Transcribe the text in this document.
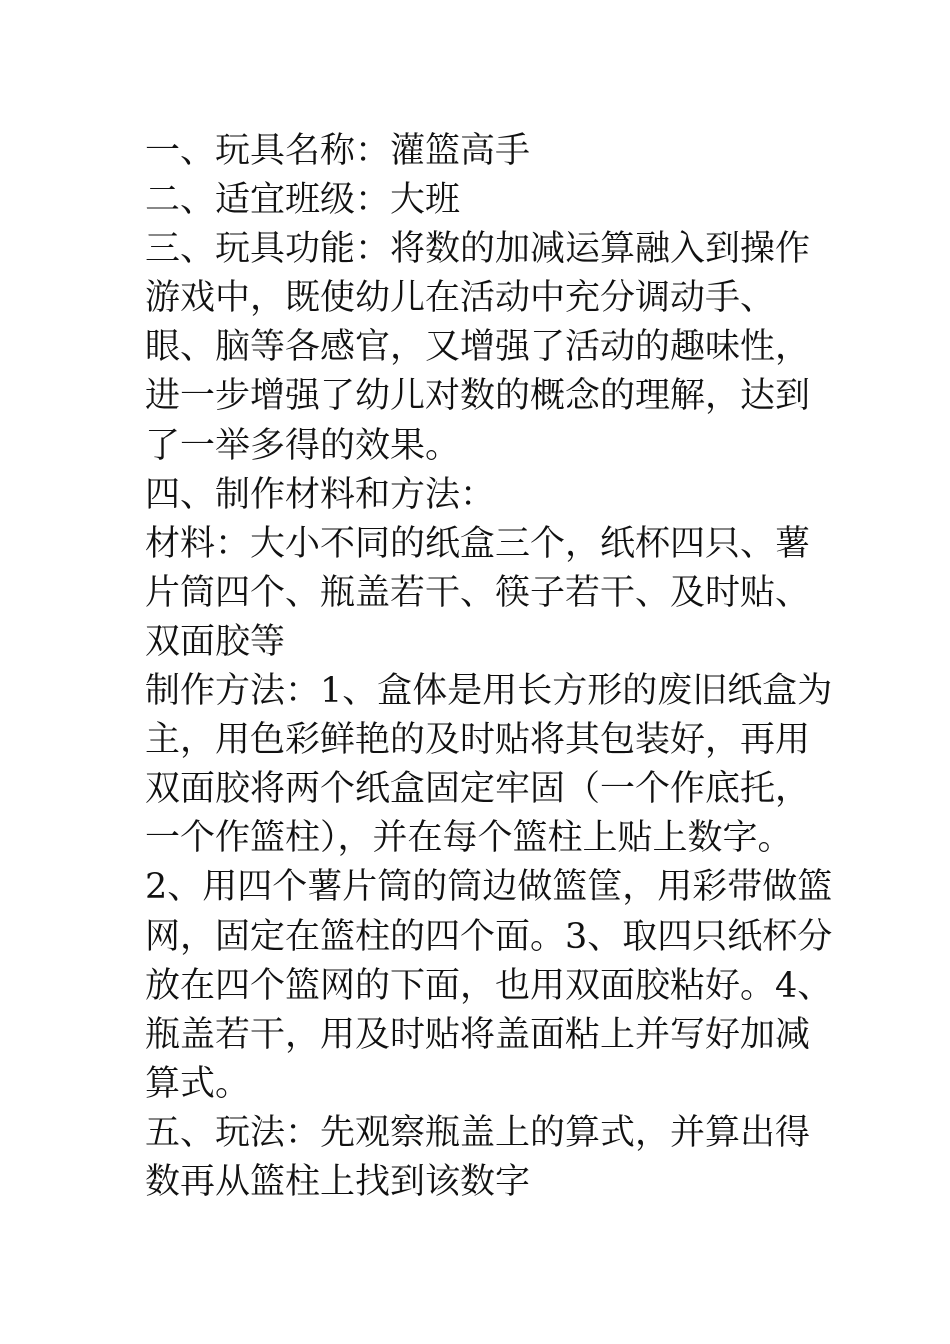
一、玩具名称：灌篮高手

二、适宜班级：大班

三、玩具功能：将数的加减运算融入到操作游戏中，既使幼儿在活动中充分调动手、眼、脑等各感官，又增强了活动的趣味性，进一步增强了幼儿对数的概念的理解，达到了一举多得的效果。

四、制作材料和方法：

材料：大小不同的纸盒三个，纸杯四只、薯片筒四个、瓶盖若干、筷子若干、及时贴、双面胶等

制作方法：1、盒体是用长方形的废旧纸盒为主，用色彩鲜艳的及时贴将其包装好，再用双面胶将两个纸盒固定牢固（一个作底托，一个作篮柱），并在每个篮柱上贴上数字。2、用四个薯片筒的筒边做篮筐，用彩带做篮网，固定在篮柱的四个面。3、取四只纸杯分放在四个篮网的下面，也用双面胶粘好。4、瓶盖若干，用及时贴将盖面粘上并写好加减算式。

五、玩法：先观察瓶盖上的算式，并算出得数再从篮柱上找到该数字
